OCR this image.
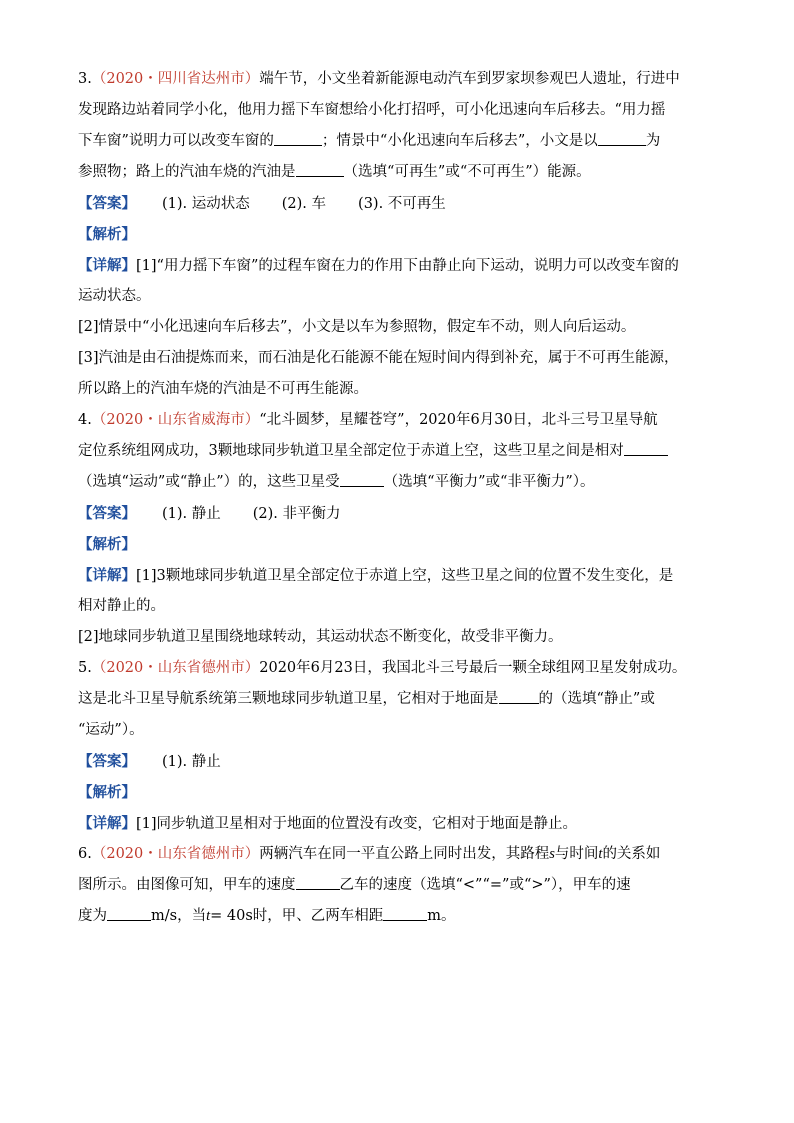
3.（2020・四川省达州市）端午节，小文坐着新能源电动汽车到罗家坝参观巴人遗址，行进中
发现路边站着同学小化，他用力摇下车窗想给小化打招呼，可小化迅速向车后移去。“用力摇
下车窗”说明力可以改变车窗的	；情景中“小化迅速向车后移去”，小文是以	为
参照物；路上的汽油车烧的汽油是	（选填“可再生”或“不可再生”）能源。
【答案】 (1). 运动状态 (2). 车 (3). 不可再生
【解析】
【详解】[1]“用力摇下车窗”的过程车窗在力的作用下由静止向下运动，说明力可以改变车窗的
运动状态。
[2]情景中“小化迅速向车后移去”，小文是以车为参照物，假定车不动，则人向后运动。
[3]汽油是由石油提炼而来，而石油是化石能源不能在短时间内得到补充，属于不可再生能源，
所以路上的汽油车烧的汽油是不可再生能源。
4.（2020・山东省威海市）“北斗圆梦，星耀苍穹”，2020年6月30日，北斗三号卫星导航
定位系统组网成功，3颗地球同步轨道卫星全部定位于赤道上空，这些卫星之间是相对
（选填“运动”或“静止”）的，这些卫星受	（选填“平衡力”或“非平衡力”）。
【答案】 (1). 静止 (2). 非平衡力
【解析】
【详解】[1]3颗地球同步轨道卫星全部定位于赤道上空，这些卫星之间的位置不发生变化，是
相对静止的。
[2]地球同步轨道卫星围绕地球转动，其运动状态不断变化，故受非平衡力。
5.（2020・山东省德州市）2020年6月23日，我国北斗三号最后一颗全球组网卫星发射成功。
这是北斗卫星导航系统第三颗地球同步轨道卫星，它相对于地面是	的（选填“静止”或
“运动”）。
【答案】 (1). 静止
【解析】
【详解】[1]同步轨道卫星相对于地面的位置没有改变，它相对于地面是静止。
6.（2020・山东省德州市）两辆汽车在同一平直公路上同时出发，其路程s与时间t的关系如
图所示。由图像可知，甲车的速度	乙车的速度（选填“<”“=”或“>”），甲车的速
度为	m/s，当t= 40s时，甲、乙两车相距	m。
